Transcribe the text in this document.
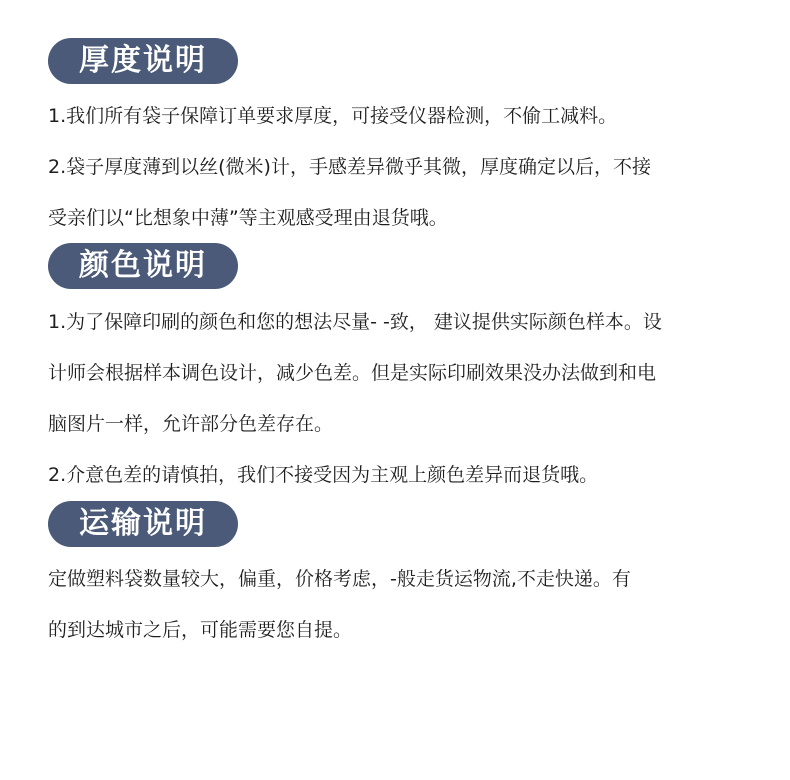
厚度说明

1.我们所有袋子保障订单要求厚度，可接受仪器检测，不偷工减料。

2.袋子厚度薄到以丝(微米)计，手感差异微乎其微，厚度确定以后，不接

受亲们以“比想象中薄”等主观感受理由退货哦。

颜色说明

1.为了保障印刷的颜色和您的想法尽量- -致， 建议提供实际颜色样本。设

计师会根据样本调色设计，减少色差。但是实际印刷效果没办法做到和电

脑图片一样，允许部分色差存在。

2.介意色差的请慎拍，我们不接受因为主观上颜色差异而退货哦。

运输说明

定做塑料袋数量较大，偏重，价格考虑，-般走货运物流,不走快递。有

的到达城市之后，可能需要您自提。
